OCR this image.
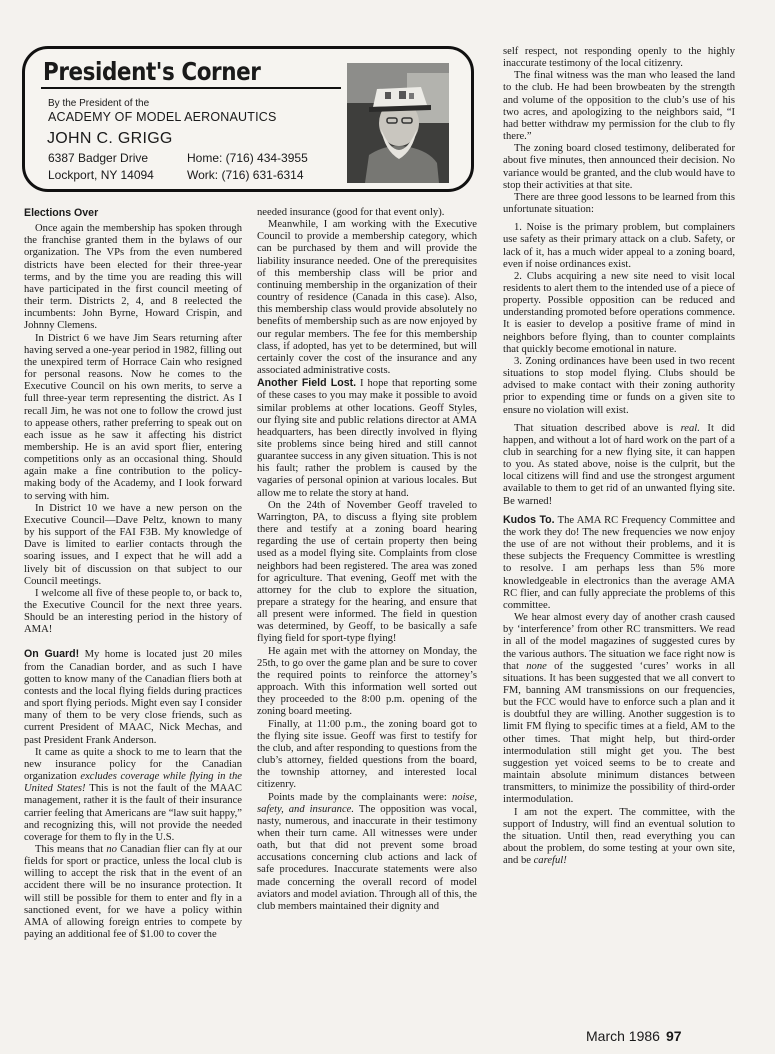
President's Corner
By the President of the
ACADEMY OF MODEL AERONAUTICS
JOHN C. GRIGG
6387 Badger Drive
Lockport, NY 14094
Home: (716) 434-3955
Work: (716) 631-6314
Elections Over

Once again the membership has spoken through the franchise granted them in the bylaws of our organization. The VPs from the even numbered districts have been elected for their three-year terms, and by the time you are reading this will have participated in the first council meeting of their term. Districts 2, 4, and 8 reelected the incumbents: John Byrne, Howard Crispin, and Johnny Clemens.

In District 6 we have Jim Sears returning after having served a one-year period in 1982, filling out the unexpired term of Horrace Cain who resigned for personal reasons. Now he comes to the Executive Council on his own merits, to serve a full three-year term representing the district. As I recall Jim, he was not one to follow the crowd just to appease others, rather preferring to speak out on each issue as he saw it affecting his district membership. He is an avid sport flier, entering competitions only as an occasional thing. Should again make a fine contribution to the policy-making body of the Academy, and I look forward to serving with him.

In District 10 we have a new person on the Executive Council—Dave Peltz, known to many by his support of the FAI F3B. My knowledge of Dave is limited to earlier contacts through the soaring issues, and I expect that he will add a lively bit of discussion on that subject to our Council meetings.

I welcome all five of these people to, or back to, the Executive Council for the next three years. Should be an interesting period in the history of AMA!

On Guard! My home is located just 20 miles from the Canadian border, and as such I have gotten to know many of the Canadian fliers both at contests and the local flying fields during practices and sport flying periods. Might even say I consider many of them to be very close friends, such as current President of MAAC, Nick Mechas, and past President Frank Anderson.

It came as quite a shock to me to learn that the new insurance policy for the Canadian organization excludes coverage while flying in the United States! This is not the fault of the MAAC management, rather it is the fault of their insurance carrier feeling that Americans are “law suit happy,” and recognizing this, will not provide the needed coverage for them to fly in the U.S.

This means that no Canadian flier can fly at our fields for sport or practice, unless the local club is willing to accept the risk that in the event of an accident there will be no insurance protection. It will still be possible for them to enter and fly in a sanctioned event, for we have a policy within AMA of allowing foreign entries to compete by paying an additional fee of $1.00 to cover the

needed insurance (good for that event only).

Meanwhile, I am working with the Executive Council to provide a membership category, which can be purchased by them and will provide the liability insurance needed. One of the prerequisites of this membership class will be prior and continuing membership in the organization of their country of residence (Canada in this case). Also, this membership class would provide absolutely no benefits of membership such as are now enjoyed by our regular members. The fee for this membership class, if adopted, has yet to be determined, but will certainly cover the cost of the insurance and any associated administrative costs.

Another Field Lost. I hope that reporting some of these cases to you may make it possible to avoid similar problems at other locations. Geoff Styles, our flying site and public relations director at AMA headquarters, has been directly involved in flying site problems since being hired and still cannot guarantee success in any given situation. This is not his fault; rather the problem is caused by the vagaries of personal opinion at various locales. But allow me to relate the story at hand.

On the 24th of November Geoff traveled to Warrington, PA, to discuss a flying site problem there and testify at a zoning board hearing regarding the use of certain property then being used as a model flying site. Complaints from close neighbors had been registered. The area was zoned for agriculture. That evening, Geoff met with the attorney for the club to explore the situation, prepare a strategy for the hearing, and ensure that all present were informed. The field in question was determined, by Geoff, to be basically a safe flying field for sport-type flying!

He again met with the attorney on Monday, the 25th, to go over the game plan and be sure to cover the required points to reinforce the attorney’s approach. With this information well sorted out they proceeded to the 8:00 p.m. opening of the zoning board meeting.

Finally, at 11:00 p.m., the zoning board got to the flying site issue. Geoff was first to testify for the club, and after responding to questions from the club’s attorney, fielded questions from the board, the township attorney, and interested local citizenry.

Points made by the complainants were: noise, safety, and insurance. The opposition was vocal, nasty, numerous, and inaccurate in their testimony when their turn came. All witnesses were under oath, but that did not prevent some broad accusations concerning club actions and lack of safe procedures. Inaccurate statements were also made concerning the overall record of model aviators and model aviation. Through all of this, the club members maintained their dignity and

self respect, not responding openly to the highly inaccurate testimony of the local citizenry.

The final witness was the man who leased the land to the club. He had been browbeaten by the strength and volume of the opposition to the club’s use of his two acres, and apologizing to the neighbors said, “I had better withdraw my permission for the club to fly there.”

The zoning board closed testimony, deliberated for about five minutes, then announced their decision. No variance would be granted, and the club would have to stop their activities at that site.

There are three good lessons to be learned from this unfortunate situation:

1. Noise is the primary problem, but complainers use safety as their primary attack on a club. Safety, or lack of it, has a much wider appeal to a zoning board, even if noise ordinances exist.

2. Clubs acquiring a new site need to visit local residents to alert them to the intended use of a piece of property. Possible opposition can be reduced and understanding promoted before operations commence. It is easier to develop a positive frame of mind in neighbors before flying, than to counter complaints that quickly become emotional in nature.

3. Zoning ordinances have been used in two recent situations to stop model flying. Clubs should be advised to make contact with their zoning authority prior to expending time or funds on a given site to ensure no violation will exist.

That situation described above is real. It did happen, and without a lot of hard work on the part of a club in searching for a new flying site, it can happen to you. As stated above, noise is the culprit, but the local citizens will find and use the strongest argument available to them to get rid of an unwanted flying site. Be warned!

Kudos To. The AMA RC Frequency Committee and the work they do! The new frequencies we now enjoy the use of are not without their problems, and it is these subjects the Frequency Committee is wrestling to resolve. I am perhaps less than 5% more knowledgeable in electronics than the average AMA RC flier, and can fully appreciate the problems of this committee.

We hear almost every day of another crash caused by ‘interference’ from other RC transmitters. We read in all of the model magazines of suggested cures by the various authors. The situation we face right now is that none of the suggested ‘cures’ works in all situations. It has been suggested that we all convert to FM, banning AM transmissions on our frequencies, but the FCC would have to enforce such a plan and it is doubtful they are willing. Another suggestion is to limit FM flying to specific times at a field, AM to the other times. That might help, but third-order intermodulation still might get you. The best suggestion yet voiced seems to be to create and maintain absolute minimum distances between transmitters, to minimize the possibility of third-order intermodulation.

I am not the expert. The committee, with the support of Industry, will find an eventual solution to the situation. Until then, read everything you can about the problem, do some testing at your own site, and be careful!

March 1986 97
